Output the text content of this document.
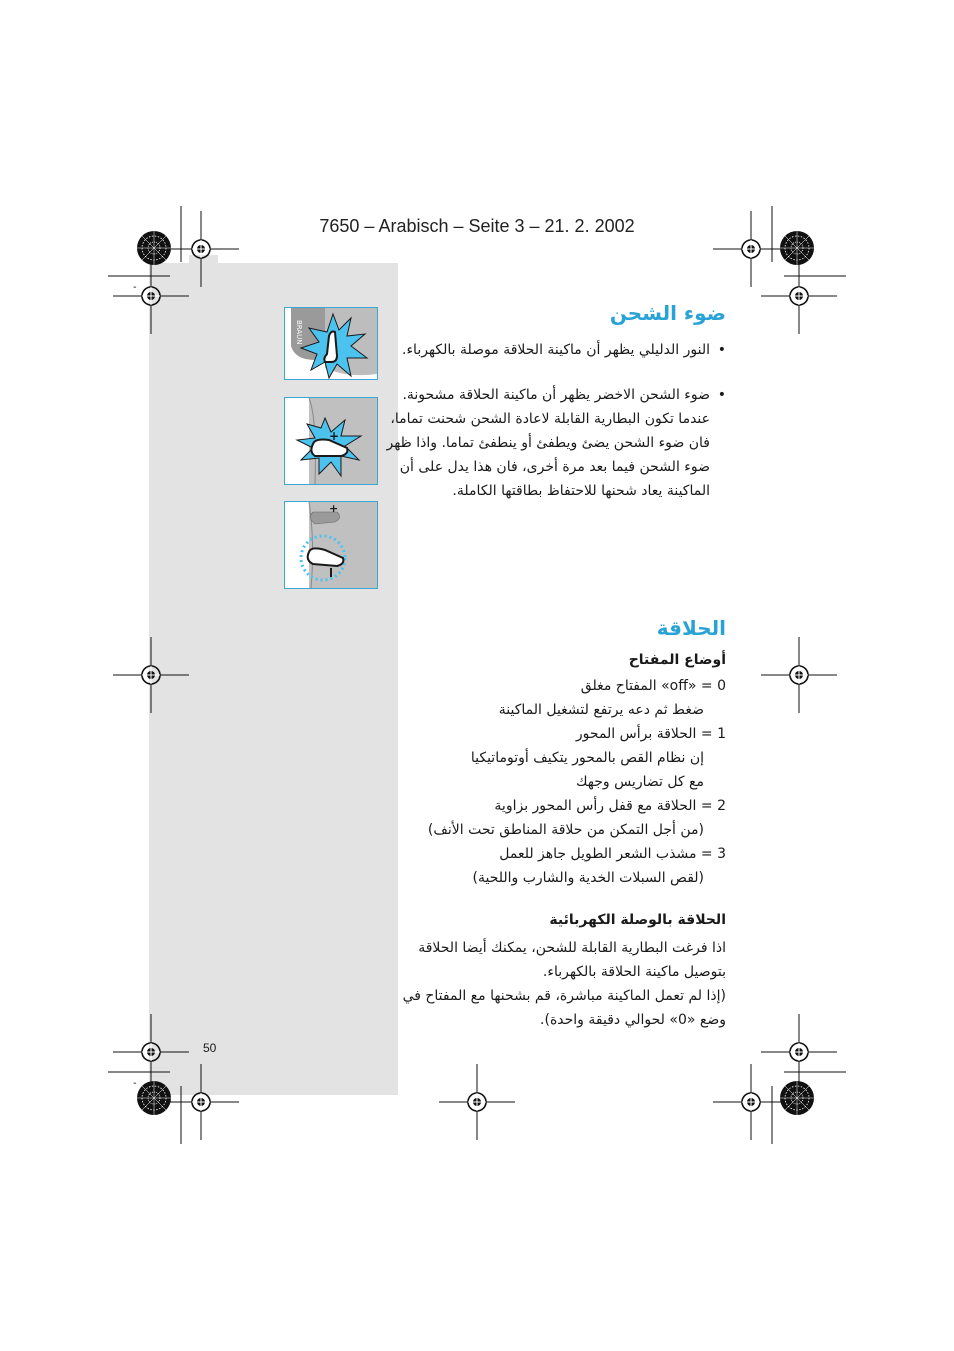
7650 – Arabisch – Seite 3 – 21. 2. 2002
BRAUN
+
+
ضوء الشحن
• النور الدليلي يظهر أن ماكينة الحلاقة موصلة بالكهرباء.
• ضوء الشحن الاخضر يظهر أن ماكينة الحلاقة مشحونة.
عندما تكون البطارية القابلة لاعادة الشحن شحنت تماما،
فان ضوء الشحن يضئ ويطفئ أو ينطفئ تماما. واذا ظهر
ضوء الشحن فيما بعد مرة أخرى، فان هذا يدل على أن
الماكينة يعاد شحنها للاحتفاظ بطاقتها الكاملة.
الحلاقة
أوضاع المفتاح
0 = «off» المفتاح مغلق
ضغط ثم دعه يرتفع لتشغيل الماكينة
1 = الحلاقة برأس المحور
إن نظام القص بالمحور يتكيف أوتوماتيكيا
مع كل تضاريس وجهك
2 = الحلاقة مع قفل رأس المحور بزاوية
(من أجل التمكن من حلاقة المناطق تحت الأنف)
3 = مشذب الشعر الطويل جاهز للعمل
(لقص السبلات الخدية والشارب واللحية)
الحلاقة بالوصلة الكهربائية
اذا فرغت البطارية القابلة للشحن، يمكنك أيضا الحلاقة
بتوصيل ماكينة الحلاقة بالكهرباء.
(إذا لم تعمل الماكينة مباشرة، قم بشحنها مع المفتاح في
وضع «0» لحوالي دقيقة واحدة).
50
-
-
